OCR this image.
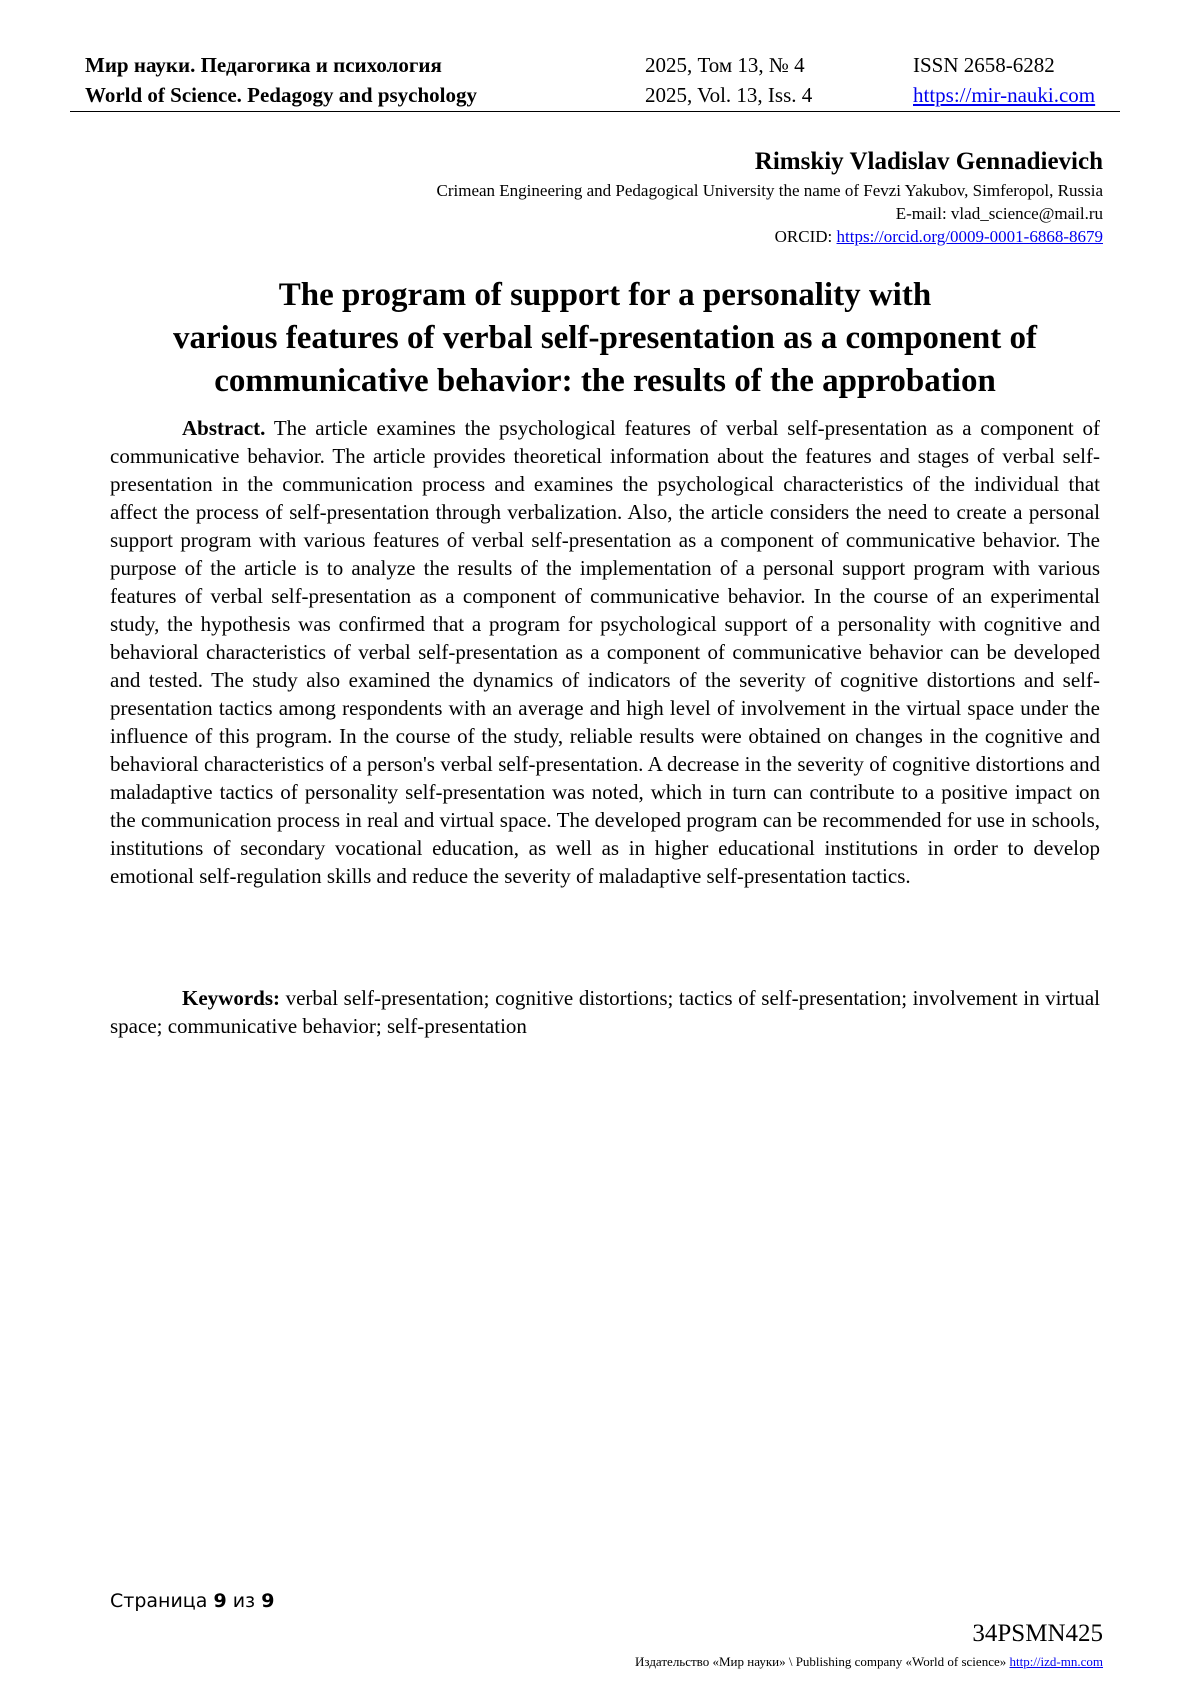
Мир науки. Педагогика и психология
World of Science. Pedagogy and psychology
2025, Том 13, № 4
2025, Vol. 13, Iss. 4
ISSN 2658-6282
https://mir-nauki.com
Rimskiy Vladislav Gennadievich
Crimean Engineering and Pedagogical University the name of Fevzi Yakubov, Simferopol, Russia
E-mail: vlad_science@mail.ru
ORCID: https://orcid.org/0009-0001-6868-8679
The program of support for a personality with
various features of verbal self-presentation as a component of
communicative behavior: the results of the approbation
Abstract. The article examines the psychological features of verbal self-presentation as a component of communicative behavior. The article provides theoretical information about the features and stages of verbal self-presentation in the communication process and examines the psychological characteristics of the individual that affect the process of self-presentation through verbalization. Also, the article considers the need to create a personal support program with various features of verbal self-presentation as a component of communicative behavior. The purpose of the article is to analyze the results of the implementation of a personal support program with various features of verbal self-presentation as a component of communicative behavior. In the course of an experimental study, the hypothesis was confirmed that a program for psychological support of a personality with cognitive and behavioral characteristics of verbal self-presentation as a component of communicative behavior can be developed and tested. The study also examined the dynamics of indicators of the severity of cognitive distortions and self-presentation tactics among respondents with an average and high level of involvement in the virtual space under the influence of this program. In the course of the study, reliable results were obtained on changes in the cognitive and behavioral characteristics of a person's verbal self-presentation. A decrease in the severity of cognitive distortions and maladaptive tactics of personality self-presentation was noted, which in turn can contribute to a positive impact on the communication process in real and virtual space. The developed program can be recommended for use in schools, institutions of secondary vocational education, as well as in higher educational institutions in order to develop emotional self-regulation skills and reduce the severity of maladaptive self-presentation tactics.
Keywords: verbal self-presentation; cognitive distortions; tactics of self-presentation; involvement in virtual space; communicative behavior; self-presentation
Страница 9 из 9
34PSMN425
Издательство «Мир науки» \ Publishing company «World of science» http://izd-mn.com
